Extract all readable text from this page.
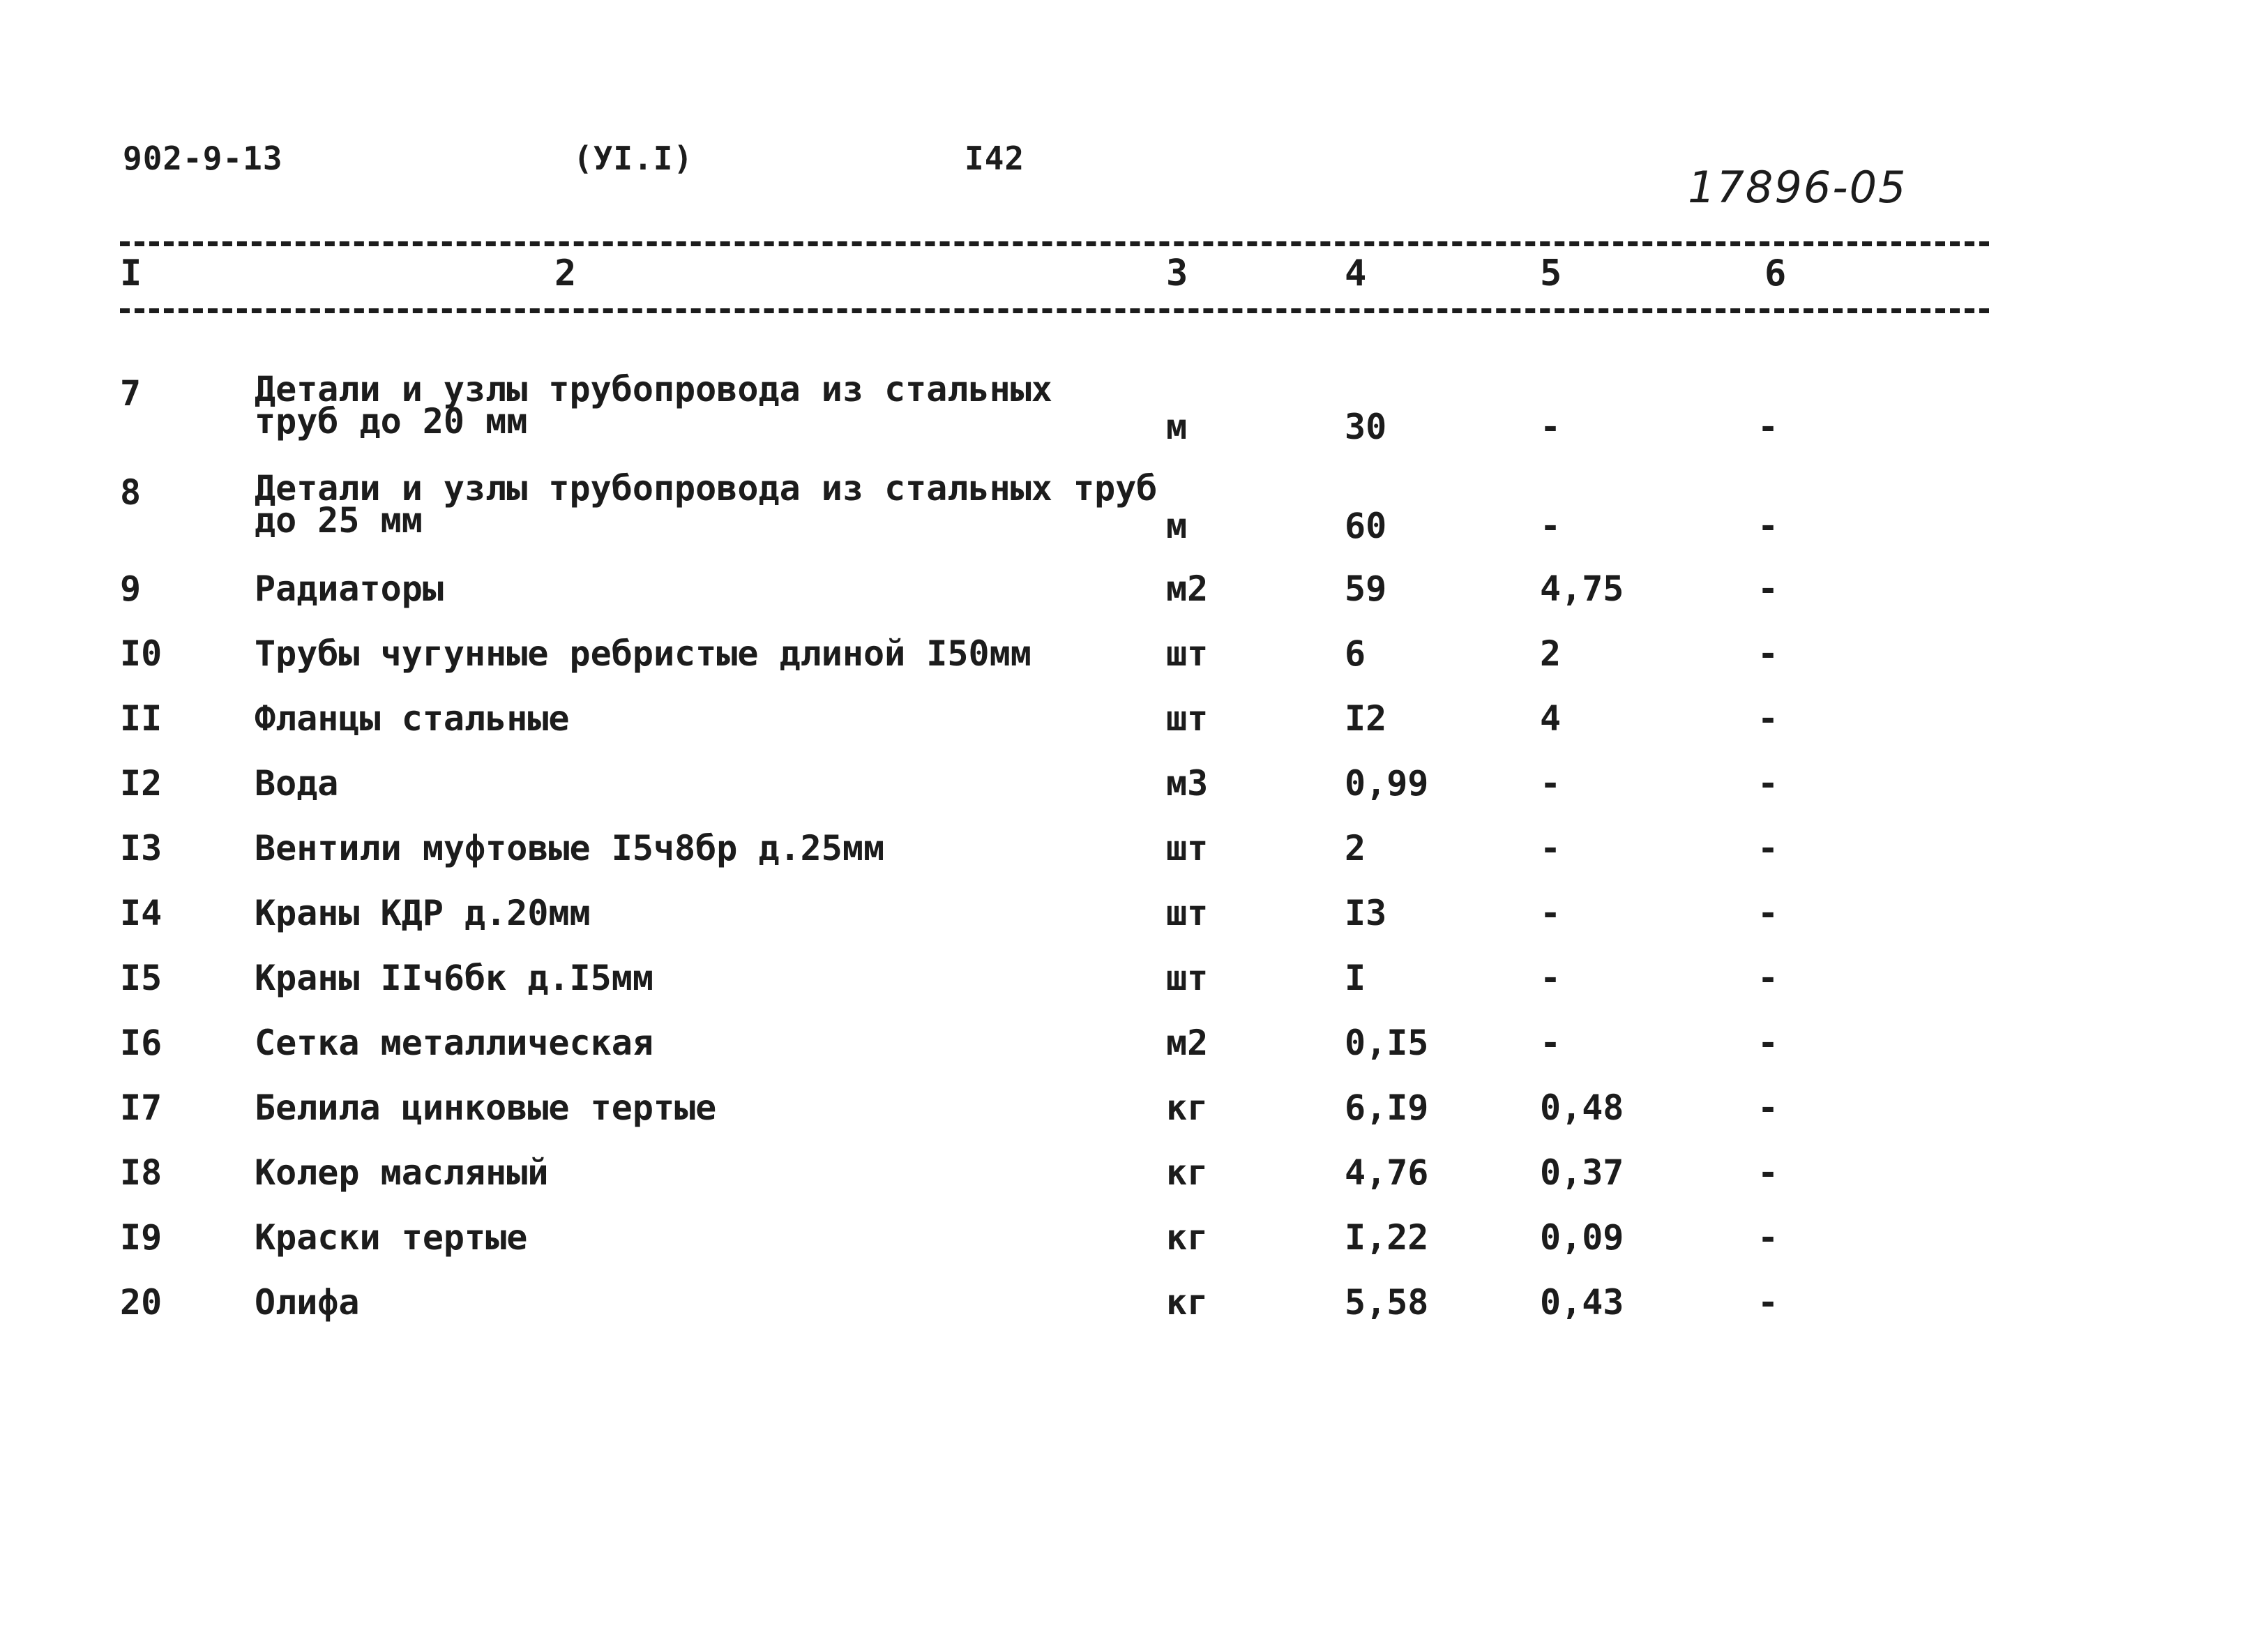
902-9-13	(УI.I)	I42
17896-05
I	2	3	4	5	6
7	Детали и узлы трубопровода из стальных
труб до 20 мм	м	30	-	-
8	Детали и узлы трубопровода из стальных труб
до 25 мм	м	60	-	-
9	Радиаторы	м2	59	4,75	-
I0	Трубы чугунные ребристые длиной I50мм	шт	6	2	-
II	Фланцы стальные	шт	I2	4	-
I2	Вода	м3	0,99	-	-
I3	Вентили муфтовые I5ч8бр д.25мм	шт	2	-	-
I4	Краны КДР д.20мм	шт	I3	-	-
I5	Краны IIч6бк д.I5мм	шт	I	-	-
I6	Сетка металлическая	м2	0,I5	-	-
I7	Белила цинковые тертые	кг	6,I9	0,48	-
I8	Колер масляный	кг	4,76	0,37	-
I9	Краски тертые	кг	I,22	0,09	-
20	Олифа	кг	5,58	0,43	-
